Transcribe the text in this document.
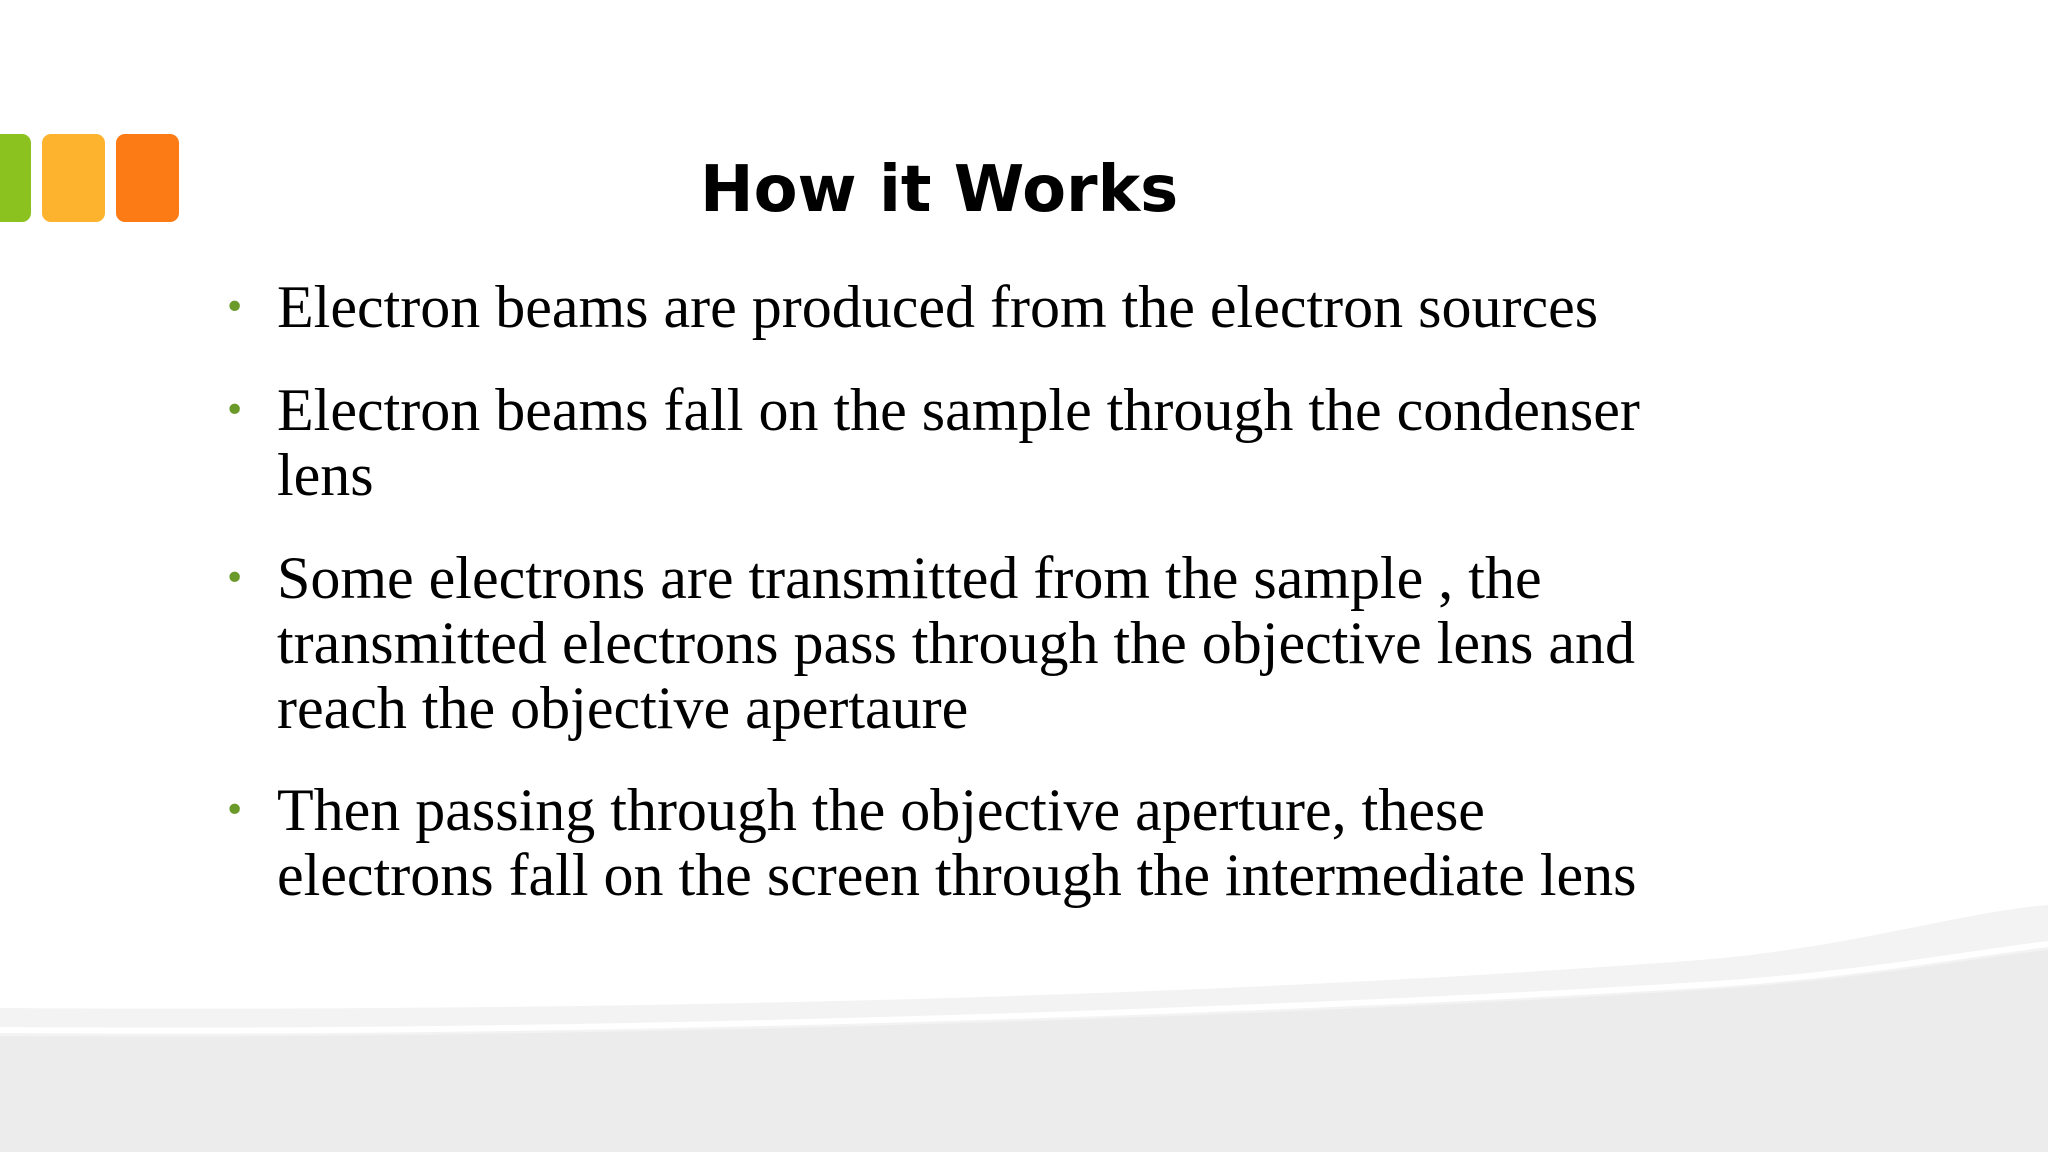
How it Works
• Electron beams are produced from the electron sources
• Electron beams fall on the sample through the condenser
lens
• Some electrons are transmitted from the sample , the
transmitted electrons pass through the objective lens and
reach the objective apertaure
• Then passing through the objective aperture, these
electrons fall on the screen through the intermediate lens
